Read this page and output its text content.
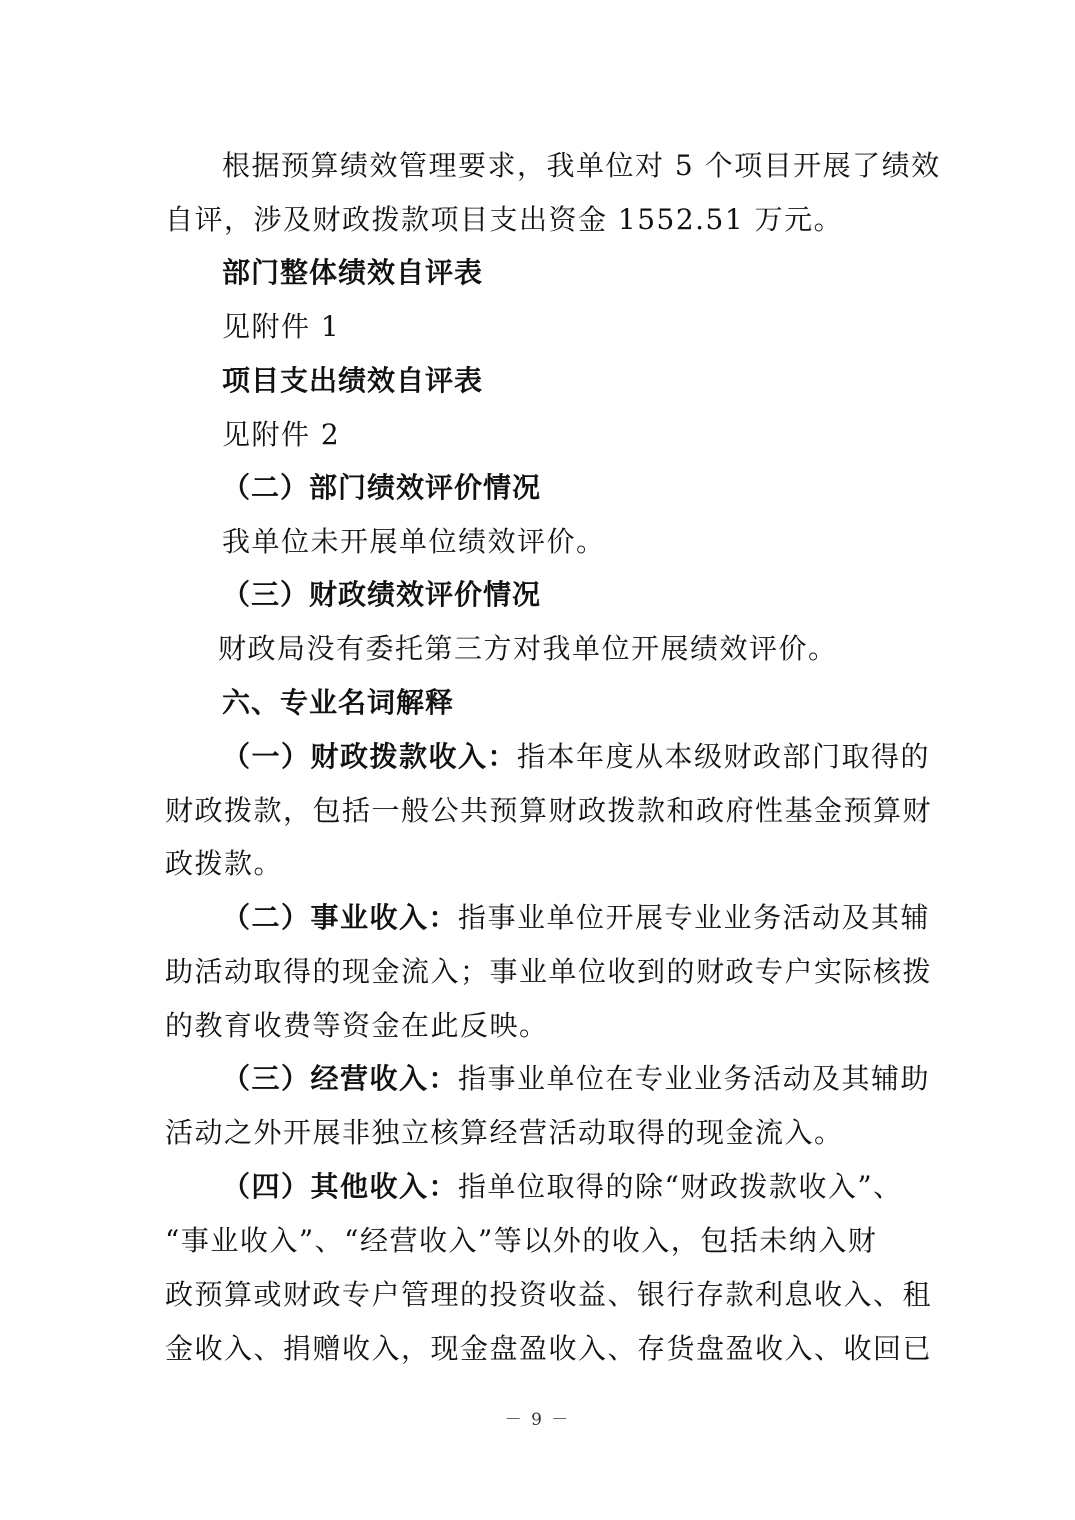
根据预算绩效管理要求，我单位对 5 个项目开展了绩效
自评，涉及财政拨款项目支出资金 1552.51 万元。
部门整体绩效自评表
见附件 1
项目支出绩效自评表
见附件 2
（二）部门绩效评价情况
我单位未开展单位绩效评价。
（三）财政绩效评价情况
财政局没有委托第三方对我单位开展绩效评价。
六、专业名词解释
（一）财政拨款收入：指本年度从本级财政部门取得的
财政拨款，包括一般公共预算财政拨款和政府性基金预算财
政拨款。
（二）事业收入：指事业单位开展专业业务活动及其辅
助活动取得的现金流入；事业单位收到的财政专户实际核拨
的教育收费等资金在此反映。
（三）经营收入：指事业单位在专业业务活动及其辅助
活动之外开展非独立核算经营活动取得的现金流入。
（四）其他收入：指单位取得的除“财政拨款收入”、
“事业收入”、“经营收入”等以外的收入，包括未纳入财
政预算或财政专户管理的投资收益、银行存款利息收入、租
金收入、捐赠收入，现金盘盈收入、存货盘盈收入、收回已
－ 9 －
